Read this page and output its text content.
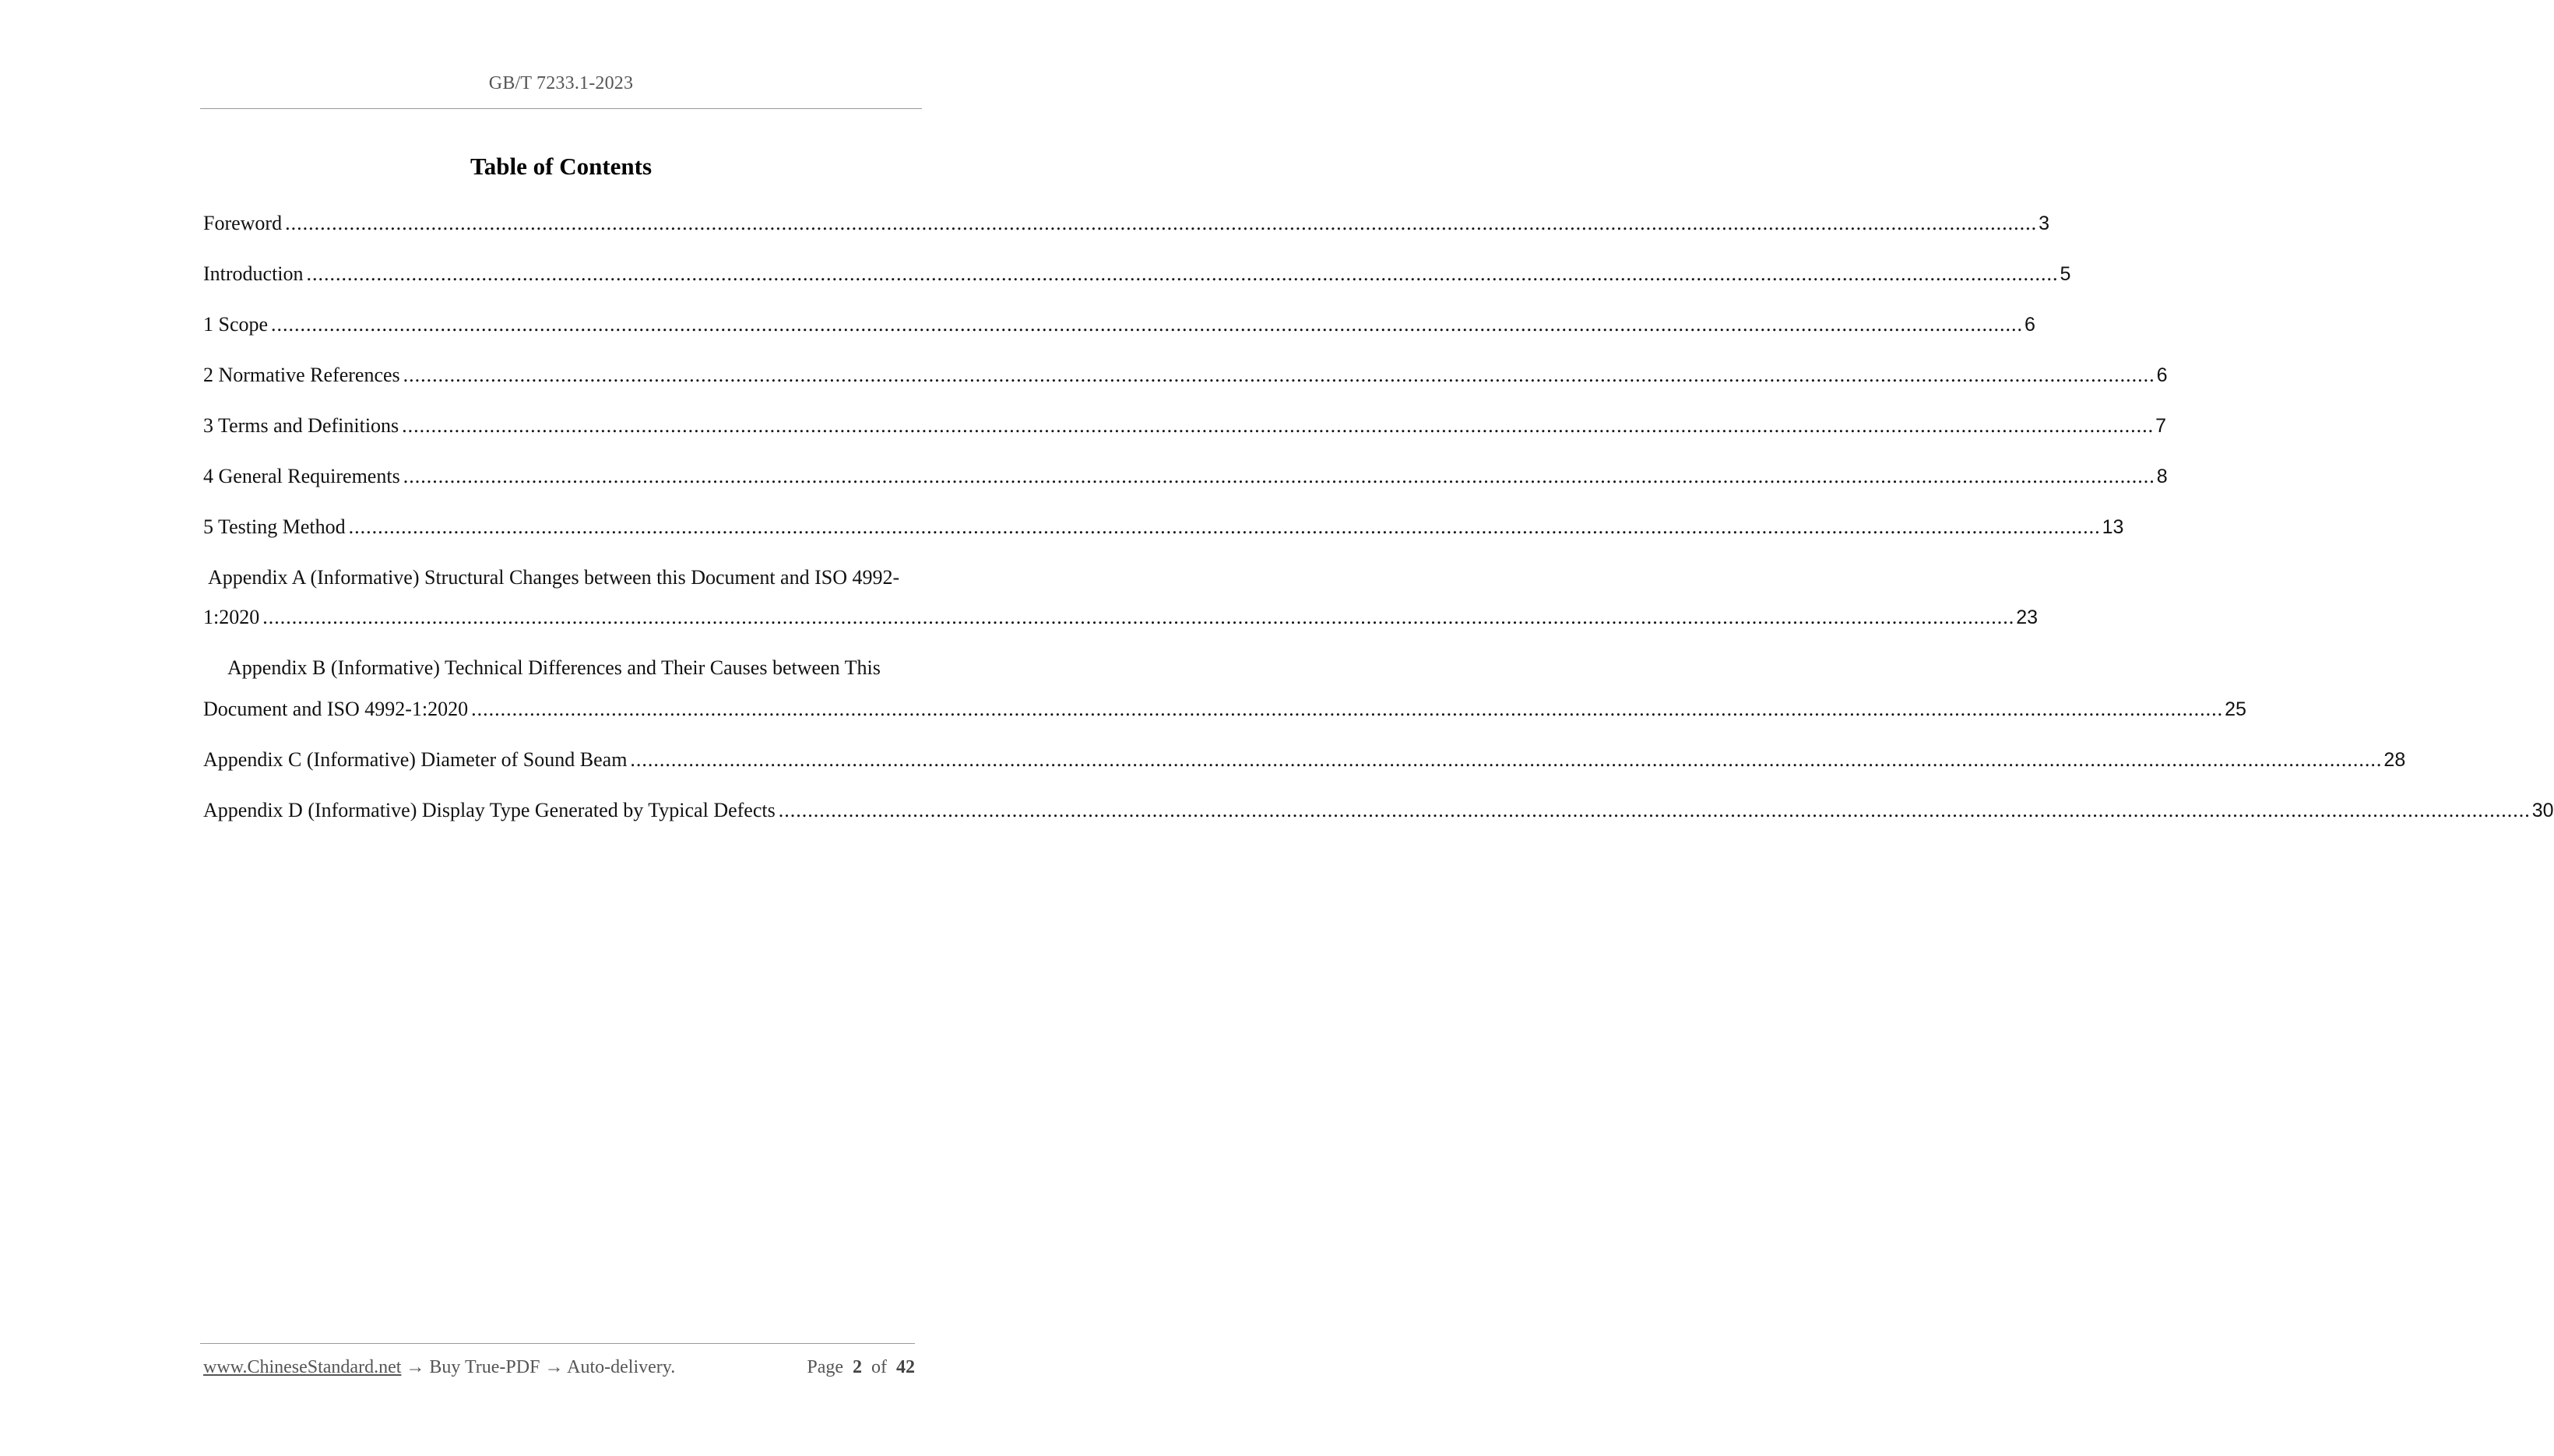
GB/T 7233.1-2023
Table of Contents
Foreword ............................................................................................................................................................................................................................................................................................................ 3
Introduction ............................................................................................................................................................................................................................................................................................................ 5
1 Scope ............................................................................................................................................................................................................................................................................................................ 6
2 Normative References ............................................................................................................................................................................................................................................................................................................ 6
3 Terms and Definitions ............................................................................................................................................................................................................................................................................................................ 7
4 General Requirements ............................................................................................................................................................................................................................................................................................................ 8
5 Testing Method ............................................................................................................................................................................................................................................................................................................ 13
Appendix A (Informative) Structural Changes between this Document and ISO 4992-
1:2020 ............................................................................................................................................................................................................................................................................................................ 23
Appendix B (Informative) Technical Differences and Their Causes between This
Document and ISO 4992-1:2020 ............................................................................................................................................................................................................................................................................................................ 25
Appendix C (Informative) Diameter of Sound Beam ............................................................................................................................................................................................................................................................................................................ 28
Appendix D (Informative) Display Type Generated by Typical Defects ............................................................................................................................................................................................................................................................................................................ 30
www.ChineseStandard.net → Buy True-PDF → Auto-delivery.	Page 2 of 42
